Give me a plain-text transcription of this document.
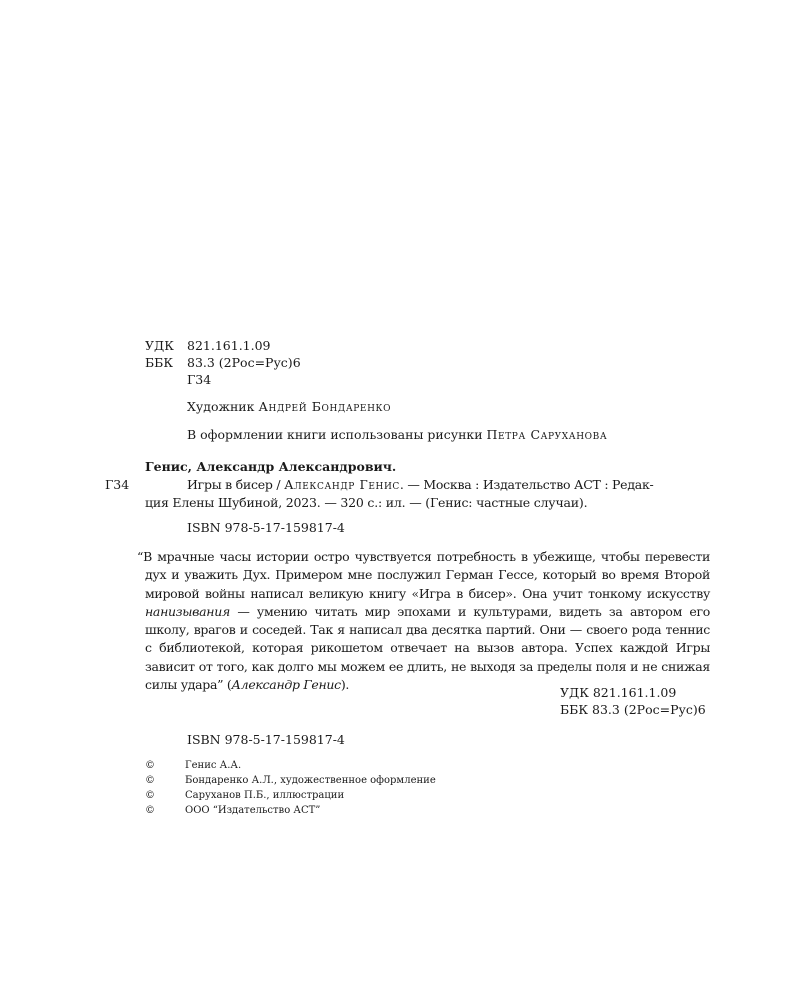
УДК 821.161.1.09
ББК 83.3 (2Рос=Рус)6
Г34
Художник Андрей Бондаренко
В оформлении книги использованы рисунки Петра Саруханова
Генис, Александр Александрович.
Г34	Игры в бисер / Александр Генис. — Москва : Издательство АСТ : Редак-
ция Елены Шубиной, 2023. — 320 с.: ил. — (Генис: частные случаи).
ISBN 978-5-17-159817-4
“В мрачные часы истории остро чувствуется потребность в убежище, чтобы перевести дух и уважить Дух. Примером мне послужил Герман Гессе, который во время Второй мировой войны написал великую книгу «Игра в бисер». Она учит тонкому искусству нанизывания — умению читать мир эпохами и культурами, видеть за автором его школу, врагов и соседей. Так я написал два десятка партий. Они — своего рода теннис с библиотекой, которая рикошетом отвечает на вызов автора. Успех каждой Игры зависит от того, как долго мы можем ее длить, не выходя за пределы поля и не снижая силы удара” (Александр Генис).
УДК 821.161.1.09
ББК 83.3 (2Рос=Рус)6
ISBN 978-5-17-159817-4
©	Генис А.А.
©	Бондаренко А.Л., художественное оформление
©	Саруханов П.Б., иллюстрации
©	ООО “Издательство АСТ”
